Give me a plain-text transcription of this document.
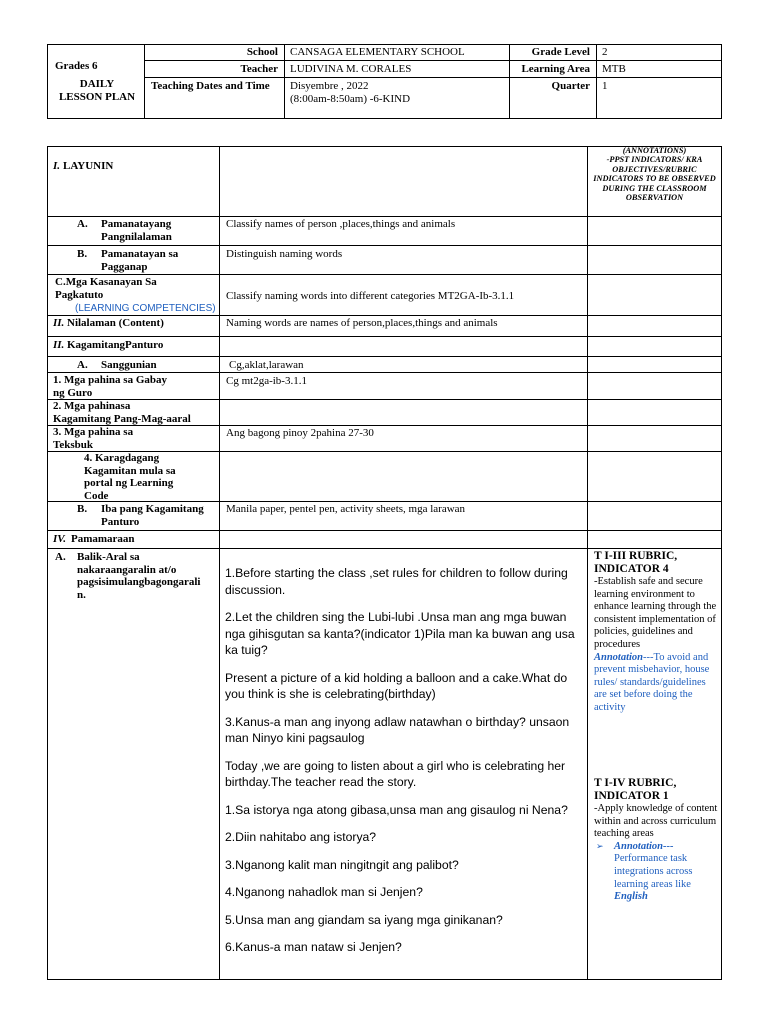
Grades 6
DAILY
LESSON PLAN
School CANSAGA ELEMENTARY SCHOOL
Teacher LUDIVINA M. CORALES
Teaching Dates and Time Disyembre , 2022
(8:00am-8:50am) -6-KIND
Grade Level 2
Learning Area MTB
Quarter 1
(ANNOTATIONS)
-PPST INDICATORS/ KRA OBJECTIVES/RUBRIC INDICATORS TO BE OBSERVED DURING THE CLASSROOM OBSERVATION
I. LAYUNIN
A. Pamanatayang
Pangnilalaman
Classify names of person ,places,things and animals
B. Pamanatayan sa
Pagganap
Distinguish naming words
C.Mga Kasanayan Sa
Pagkatuto
(LEARNING COMPETENCIES)
Classify naming words into different categories MT2GA-Ib-3.1.1
II. Nilalaman (Content)	Naming words are names of person,places,things and animals
II. KagamitangPanturo
A. Sanggunian	Cg,aklat,larawan
1. Mga pahina sa Gabay
ng Guro
Cg mt2ga-ib-3.1.1
2. Mga pahinasa
Kagamitang Pang-Mag-aaral
3. Mga pahina sa
Teksbuk
Ang bagong pinoy 2pahina 27-30
4. Karagdagang
Kagamitan mula sa
portal ng Learning
Code
B. Iba pang Kagamitang
Panturo
Manila paper, pentel pen, activity sheets, mga larawan
IV. Pamamaraan
A. Balik-Aral sa
nakaraangaralin at/o
pagsisimulangbagongarali
n.

1.Before starting the class ,set rules for children to follow during discussion.

2.Let the children sing the Lubi-lubi .Unsa man ang mga buwan nga gihisgutan sa kanta?(indicator 1)Pila man ka buwan ang usa ka tuig?

Present a picture of a kid holding a balloon and a cake.What do you think is she is celebrating(birthday)

3.Kanus-a man ang inyong adlaw natawhan o birthday? unsaon man Ninyo kini pagsaulog

Today ,we are going to listen about a girl who is celebrating her birthday.The teacher read the story.

1.Sa istorya nga atong gibasa,unsa man ang gisaulog ni Nena?

2.Diin nahitabo ang istorya?

3.Nganong kalit man ningitngit ang palibot?

4.Nganong nahadlok man si Jenjen?

5.Unsa man ang giandam sa iyang mga ginikanan?

6.Kanus-a man nataw si Jenjen?

T I-III RUBRIC, INDICATOR 4
-Establish safe and secure learning environment to enhance learning through the consistent implementation of policies, guidelines and procedures
Annotation---To avoid and prevent misbehavior, house rules/ standards/guidelines are set before doing the activity
T I-IV RUBRIC, INDICATOR 1
-Apply knowledge of content within and across curriculum teaching areas
➢ Annotation--- Performance task integrations across learning areas like English
